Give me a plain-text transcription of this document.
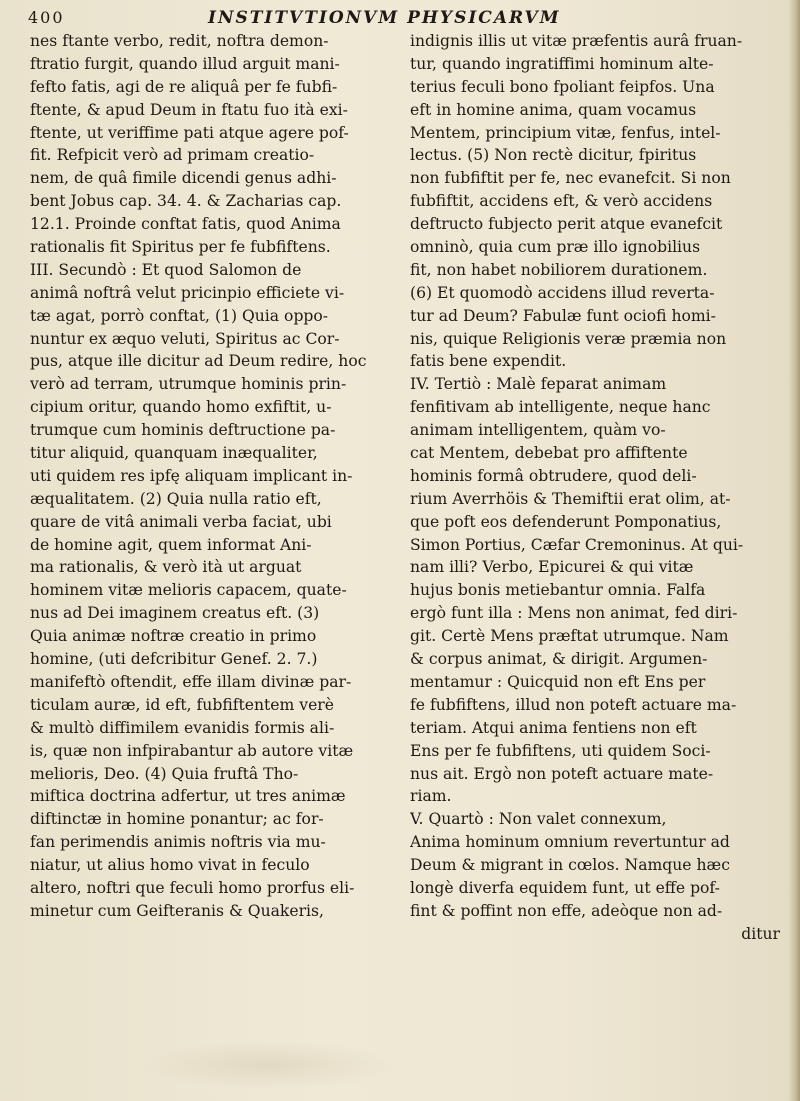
400	INSTITVTIONVM PHYSICARVM
nes ftante verbo, redit, noftra demon-
ftratio furgit, quando illud arguit mani-
fefto fatis, agi de re aliquâ per fe fubfi-
ftente, & apud Deum in ftatu fuo ità exi-
ftente, ut veriffime pati atque agere pof-
fit. Refpicit verò ad primam creatio-
nem, de quâ fimile dicendi genus adhi-
bent Jobus cap. 34. 4. & Zacharias cap.
12.1. Proinde conftat fatis, quod Anima
rationalis fit Spiritus per fe fubfiftens.
III. Secundò : Et quod Salomon de
animâ noftrâ velut pricinpio efficiete vi-
tæ agat, porrò conftat, (1) Quia oppo-
nuntur ex æquo veluti, Spiritus ac Cor-
pus, atque ille dicitur ad Deum redire, hoc
verò ad terram, utrumque hominis prin-
cipium oritur, quando homo exfiftit, u-
trumque cum hominis deftructione pa-
titur aliquid, quanquam inæqualiter,
uti quidem res ipfę aliquam implicant in-
æqualitatem. (2) Quia nulla ratio eft,
quare de vitâ animali verba faciat, ubi
de homine agit, quem informat Ani-
ma rationalis, & verò ità ut arguat
hominem vitæ melioris capacem, quate-
nus ad Dei imaginem creatus eft. (3)
Quia animæ noftræ creatio in primo
homine, (uti defcribitur Genef. 2. 7.)
manifeftò oftendit, effe illam divinæ par-
ticulam auræ, id eft, fubfiftentem verè
& multò diffimilem evanidis formis ali-
is, quæ non infpirabantur ab autore vitæ
melioris, Deo. (4) Quia fruftâ Tho-
miftica doctrina adfertur, ut tres animæ
diftinctæ in homine ponantur; ac for-
fan perimendis animis noftris via mu-
niatur, ut alius homo vivat in feculo
altero, noftri que feculi homo prorfus eli-
minetur cum Geifteranis & Quakeris,
indignis illis ut vitæ præfentis aurâ fruan-
tur, quando ingratiffimi hominum alte-
terius feculi bono fpoliant feipfos. Una
eft in homine anima, quam vocamus
Mentem, principium vitæ, fenfus, intel-
lectus. (5) Non rectè dicitur, fpiritus
non fubfiftit per fe, nec evanefcit. Si non
fubfiftit, accidens eft, & verò accidens
deftructo fubjecto perit atque evanefcit
omninò, quia cum præ illo ignobilius
fit, non habet nobiliorem durationem.
(6) Et quomodò accidens illud reverta-
tur ad Deum? Fabulæ funt ociofi homi-
nis, quique Religionis veræ præmia non
fatis bene expendit.
IV. Tertiò : Malè feparat animam
fenfitivam ab intelligente, neque hanc
animam intelligentem, quàm vo-
cat Mentem, debebat pro affiftente
hominis formâ obtrudere, quod deli-
rium Averrhöis & Themiftii erat olim, at-
que poft eos defenderunt Pomponatius,
Simon Portius, Cæfar Cremoninus. At qui-
nam illi? Verbo, Epicurei & qui vitæ
hujus bonis metiebantur omnia. Falfa
ergò funt illa : Mens non animat, fed diri-
git. Certè Mens præftat utrumque. Nam
& corpus animat, & dirigit. Argumen-
mentamur : Quicquid non eft Ens per
fe fubfiftens, illud non poteft actuare ma-
teriam. Atqui anima fentiens non eft
Ens per fe fubfiftens, uti quidem Soci-
nus ait. Ergò non poteft actuare mate-
riam.
V. Quartò : Non valet connexum,
Anima hominum omnium revertuntur ad
Deum & migrant in cœlos. Namque hæc
longè diverfa equidem funt, ut effe pof-
fint & poffint non effe, adeòque non ad-
ditur
